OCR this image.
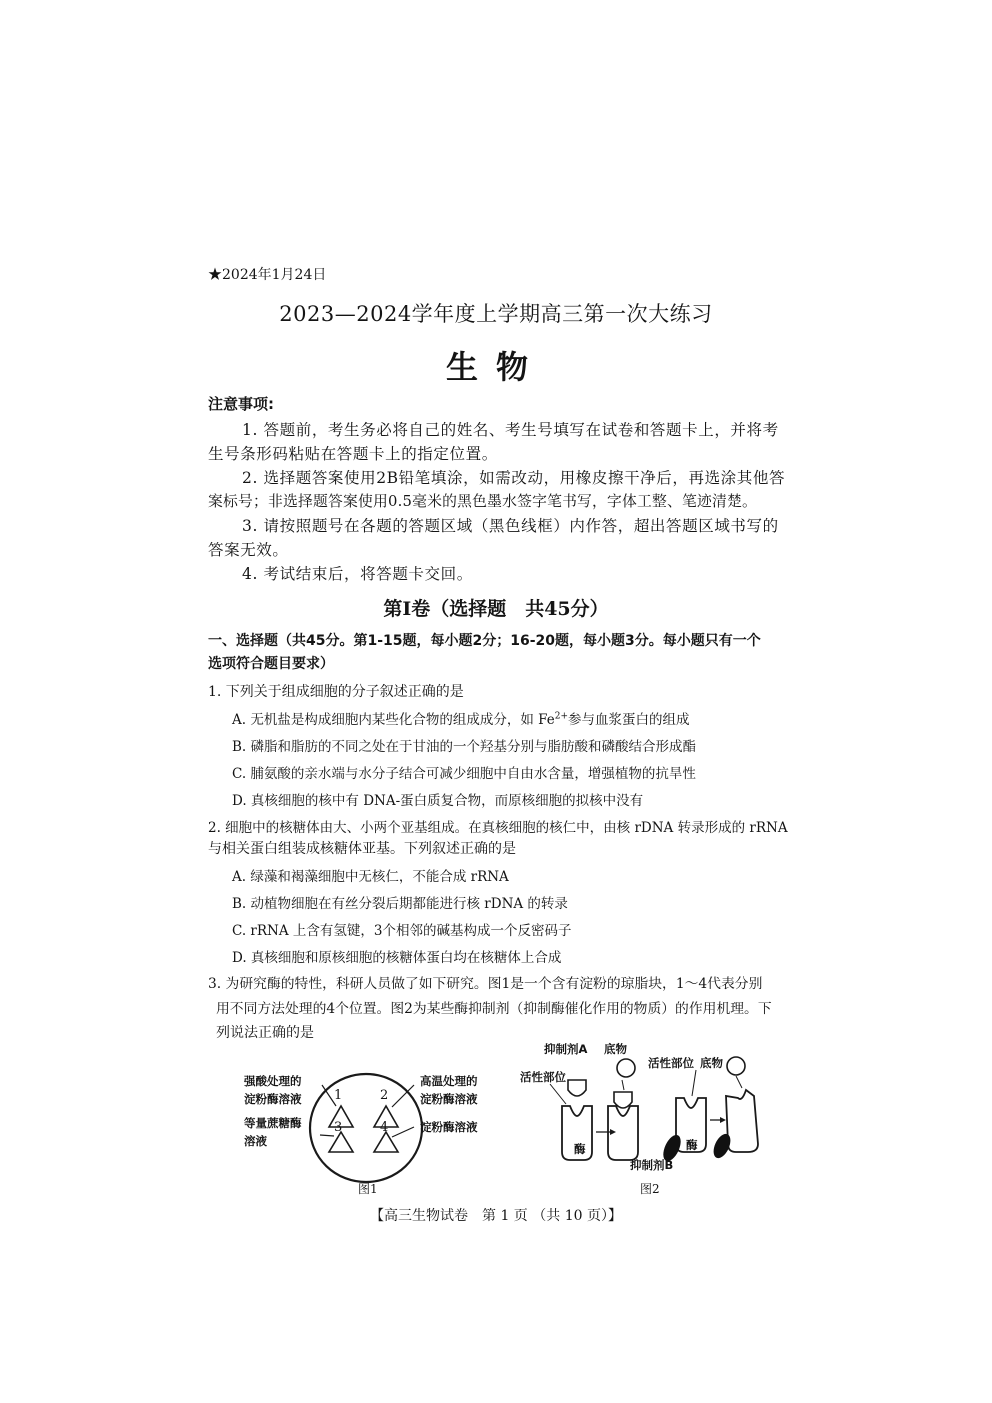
★2024年1月24日
2023—2024学年度上学期高三第一次大练习
生物
注意事项:
1. 答题前，考生务必将自己的姓名、考生号填写在试卷和答题卡上，并将考
生号条形码粘贴在答题卡上的指定位置。
2. 选择题答案使用2B铅笔填涂，如需改动，用橡皮擦干净后，再选涂其他答
案标号；非选择题答案使用0.5毫米的黑色墨水签字笔书写，字体工整、笔迹清楚。
3. 请按照题号在各题的答题区域（黑色线框）内作答，超出答题区域书写的
答案无效。
4. 考试结束后，将答题卡交回。
第Ⅰ卷（选择题　共45分）
一、选择题（共45分。第1-15题，每小题2分；16-20题，每小题3分。每小题只有一个
选项符合题目要求）
1. 下列关于组成细胞的分子叙述正确的是
A. 无机盐是构成细胞内某些化合物的组成成分，如 $Fe^{2+}$参与血浆蛋白的组成
B. 磷脂和脂肪的不同之处在于甘油的一个羟基分别与脂肪酸和磷酸结合形成酯
C. 脯氨酸的亲水端与水分子结合可减少细胞中自由水含量，增强植物的抗旱性
D. 真核细胞的核中有 DNA-蛋白质复合物，而原核细胞的拟核中没有
2. 细胞中的核糖体由大、小两个亚基组成。在真核细胞的核仁中，由核 rDNA 转录形成的 rRNA
与相关蛋白组装成核糖体亚基。下列叙述正确的是
A. 绿藻和褐藻细胞中无核仁，不能合成 rRNA
B. 动植物细胞在有丝分裂后期都能进行核 rDNA 的转录
C. rRNA 上含有氢键，3个相邻的碱基构成一个反密码子
D. 真核细胞和原核细胞的核糖体蛋白均在核糖体上合成
3. 为研究酶的特性，科研人员做了如下研究。图1是一个含有淀粉的琼脂块，1～4代表分别
用不同方法处理的4个位置。图2为某些酶抑制剂（抑制酶催化作用的物质）的作用机理。下
列说法正确的是
1	2
3	4
强酸处理的
淀粉酶溶液
高温处理的
淀粉酶溶液
等量蔗糖酶
溶液
淀粉酶溶液
图1
抑制剂A 底物
活性部位
活性部位 底物
酶	酶
抑制剂B
图2
【高三生物试卷　第 1 页 （共 10 页）】
